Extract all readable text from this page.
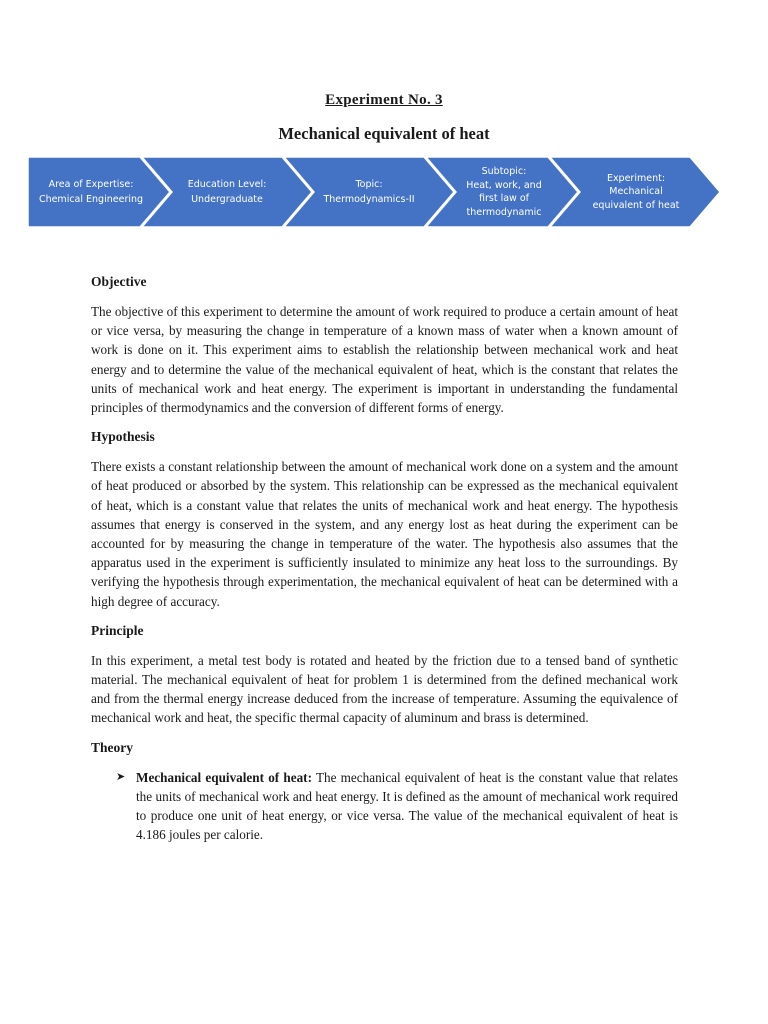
Experiment No. 3
Mechanical equivalent of heat
Area of Expertise:
Chemical Engineering
Education Level:
Undergraduate
Topic:
Thermodynamics-II
Subtopic:
Heat, work, and
first law of
thermodynamic
Experiment:
Mechanical
equivalent of heat
Objective

The objective of this experiment to determine the amount of work required to produce a certain amount of heat or vice versa, by measuring the change in temperature of a known mass of water when a known amount of work is done on it. This experiment aims to establish the relationship between mechanical work and heat energy and to determine the value of the mechanical equivalent of heat, which is the constant that relates the units of mechanical work and heat energy. The experiment is important in understanding the fundamental principles of thermodynamics and the conversion of different forms of energy.

Hypothesis

There exists a constant relationship between the amount of mechanical work done on a system and the amount of heat produced or absorbed by the system. This relationship can be expressed as the mechanical equivalent of heat, which is a constant value that relates the units of mechanical work and heat energy. The hypothesis assumes that energy is conserved in the system, and any energy lost as heat during the experiment can be accounted for by measuring the change in temperature of the water. The hypothesis also assumes that the apparatus used in the experiment is sufficiently insulated to minimize any heat loss to the surroundings. By verifying the hypothesis through experimentation, the mechanical equivalent of heat can be determined with a high degree of accuracy.

Principle

In this experiment, a metal test body is rotated and heated by the friction due to a tensed band of synthetic material. The mechanical equivalent of heat for problem 1 is determined from the defined mechanical work and from the thermal energy increase deduced from the increase of temperature. Assuming the equivalence of mechanical work and heat, the specific thermal capacity of aluminum and brass is determined.

Theory
➤ Mechanical equivalent of heat: The mechanical equivalent of heat is the constant value that relates the units of mechanical work and heat energy. It is defined as the amount of mechanical work required to produce one unit of heat energy, or vice versa. The value of the mechanical equivalent of heat is 4.186 joules per calorie.
